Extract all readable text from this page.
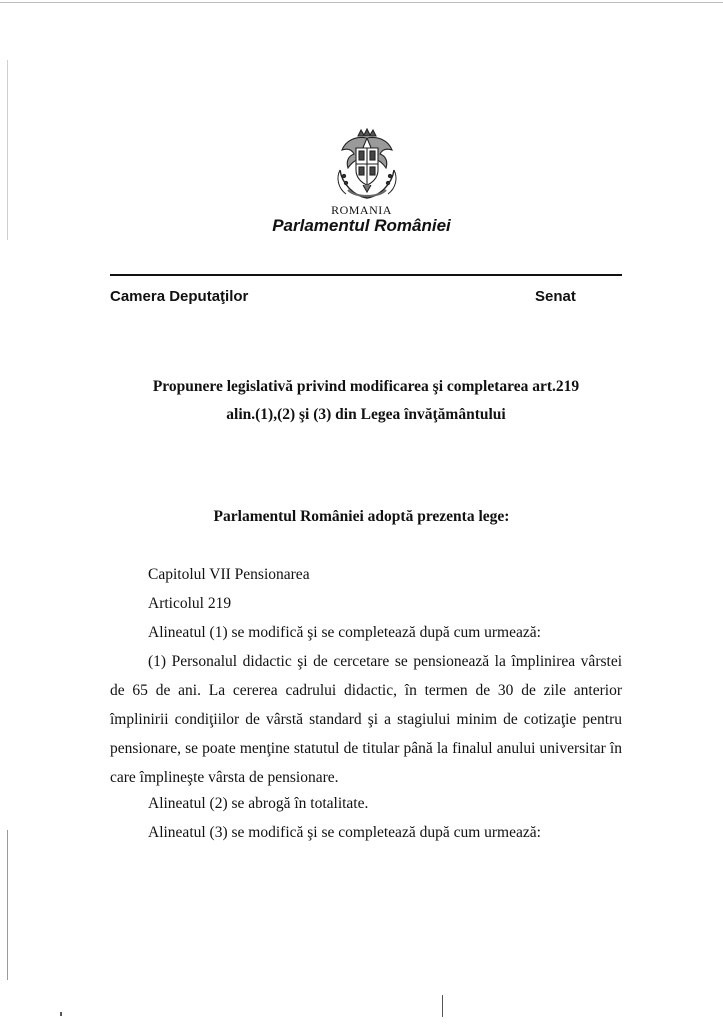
ROMANIA
Parlamentul României
Camera Deputaţilor	Senat
Propunere legislativă privind modificarea şi completarea art.219
alin.(1),(2) şi (3) din Legea învăţământului
Parlamentul României adoptă prezenta lege:
Capitolul VII Pensionarea
Articolul 219
Alineatul (1) se modifică şi se completează după cum urmează:
(1) Personalul didactic şi de cercetare se pensionează la împlinirea vârstei de 65 de ani. La cererea cadrului didactic, în termen de 30 de zile anterior împlinirii condiţiilor de vârstă standard şi a stagiului minim de cotizaţie pentru pensionare, se poate menţine statutul de titular până la finalul anului universitar în care împlineşte vârsta de pensionare.
Alineatul (2) se abrogă în totalitate.
Alineatul (3) se modifică şi se completează după cum urmează:
